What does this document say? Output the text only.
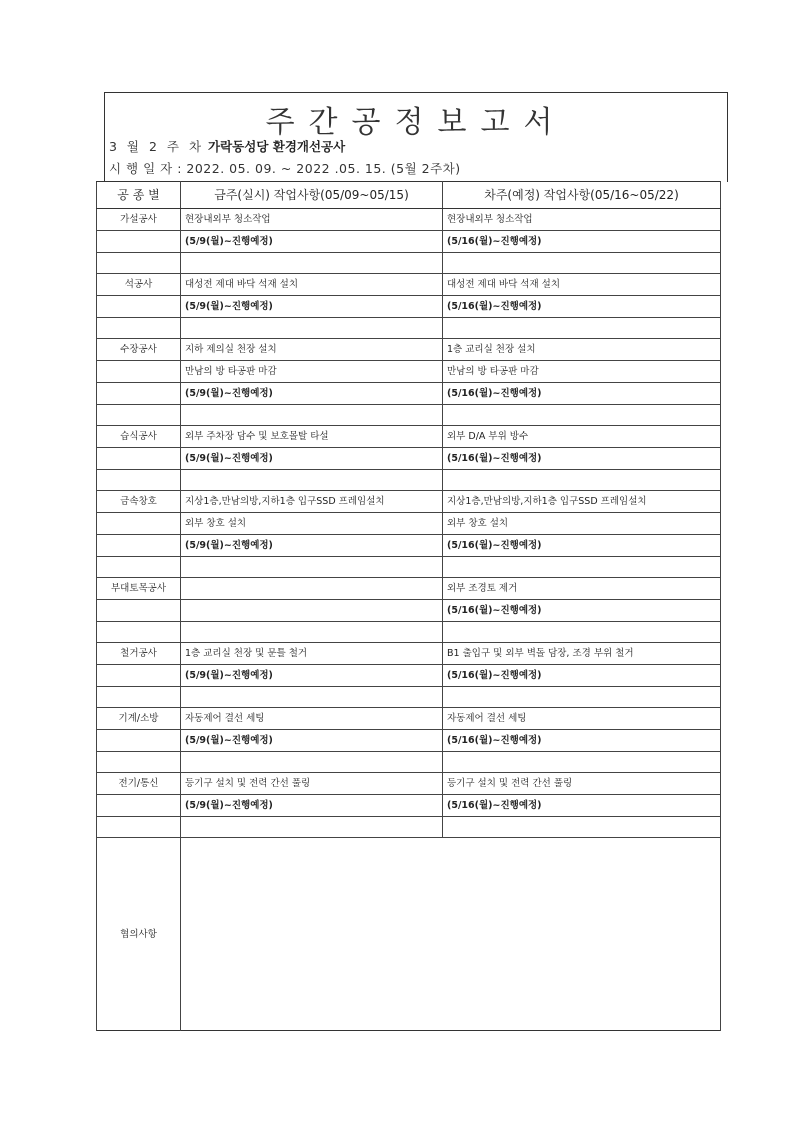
주간공정보고서
3 월 2 주 차 가락동성당 환경개선공사
시 행 일 자 : 2022. 05. 09. ~ 2022 .05. 15. (5월 2주차)
공 종 별	금주(실시) 작업사항(05/09~05/15)	차주(예정) 작업사항(05/16~05/22)
가설공사	현장내외부 청소작업	현장내외부 청소작업
	(5/9(월)~진행예정)	(5/16(월)~진행예정)

석공사	대성전 제대 바닥 석재 설치	대성전 제대 바닥 석재 설치
	(5/9(월)~진행예정)	(5/16(월)~진행예정)

수장공사	지하 제의실 천장 설치	1층 교리실 천장 설치
	만남의 방 타공판 마감	만남의 방 타공판 마감
	(5/9(월)~진행예정)	(5/16(월)~진행예정)

습식공사	외부 주차장 담수 및 보호몰탈 타설	외부 D/A 부위 방수
	(5/9(월)~진행예정)	(5/16(월)~진행예정)

금속창호	지상1층,만남의방,지하1층 입구SSD 프레임설치	지상1층,만남의방,지하1층 입구SSD 프레임설치
	외부 창호 설치	외부 창호 설치
	(5/9(월)~진행예정)	(5/16(월)~진행예정)

부대토목공사		외부 조경토 제거
		(5/16(월)~진행예정)

철거공사	1층 교리실 천장 및 문틀 철거	B1 출입구 및 외부 벽돌 담장, 조경 부위 철거
	(5/9(월)~진행예정)	(5/16(월)~진행예정)

기계/소방	자동제어 결선 세팅	자동제어 결선 세팅
	(5/9(월)~진행예정)	(5/16(월)~진행예정)

전기/통신	등기구 설치 및 전력 간선 풀링	등기구 설치 및 전력 간선 풀링
	(5/9(월)~진행예정)	(5/16(월)~진행예정)

협의사항		
